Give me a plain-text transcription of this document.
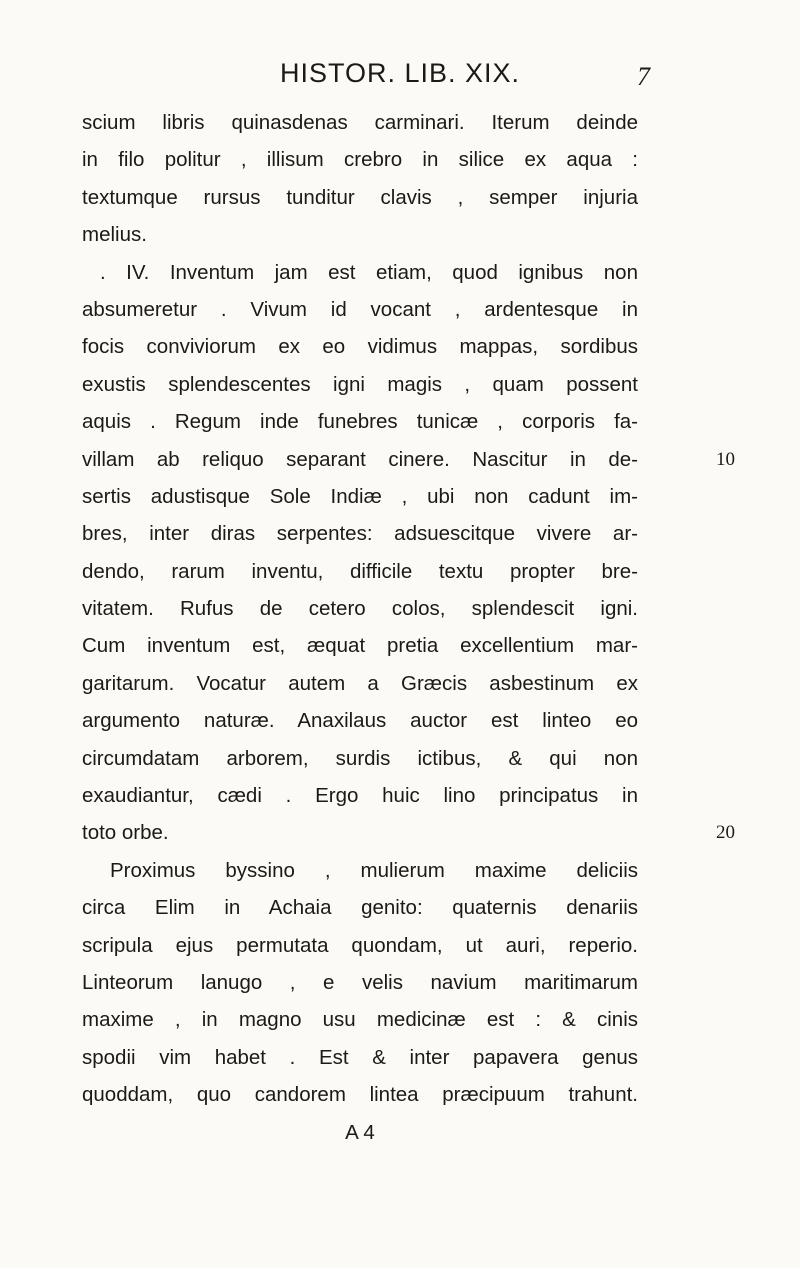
HISTOR. LIB. XIX.	7
scium libris quinasdenas carminari. Iterum deinde
in filo politur , illisum crebro in silice ex aqua :
textumque rursus tunditur clavis , semper injuria
melius.
. IV. Inventum jam est etiam, quod ignibus non
absumeretur . Vivum id vocant , ardentesque in
focis conviviorum ex eo vidimus mappas, sordibus
exustis splendescentes igni magis , quam possent
aquis . Regum inde funebres tunicæ , corporis fa-
villam ab reliquo separant cinere. Nascitur in de-	10
sertis adustisque Sole Indiæ , ubi non cadunt im-
bres, inter diras serpentes: adsuescitque vivere ar-
dendo, rarum inventu, difficile textu propter bre-
vitatem. Rufus de cetero colos, splendescit igni.
Cum inventum est, æquat pretia excellentium mar-
garitarum. Vocatur autem a Græcis asbestinum ex
argumento naturæ. Anaxilaus auctor est linteo eo
circumdatam arborem, surdis ictibus, & qui non
exaudiantur, cædi . Ergo huic lino principatus in
toto orbe.	20
Proximus byssino , mulierum maxime deliciis
circa Elim in Achaia genito: quaternis denariis
scripula ejus permutata quondam, ut auri, reperio.
Linteorum lanugo , e velis navium maritimarum
maxime , in magno usu medicinæ est : & cinis
spodii vim habet . Est & inter papavera genus
quoddam, quo candorem lintea præcipuum trahunt.
A 4
